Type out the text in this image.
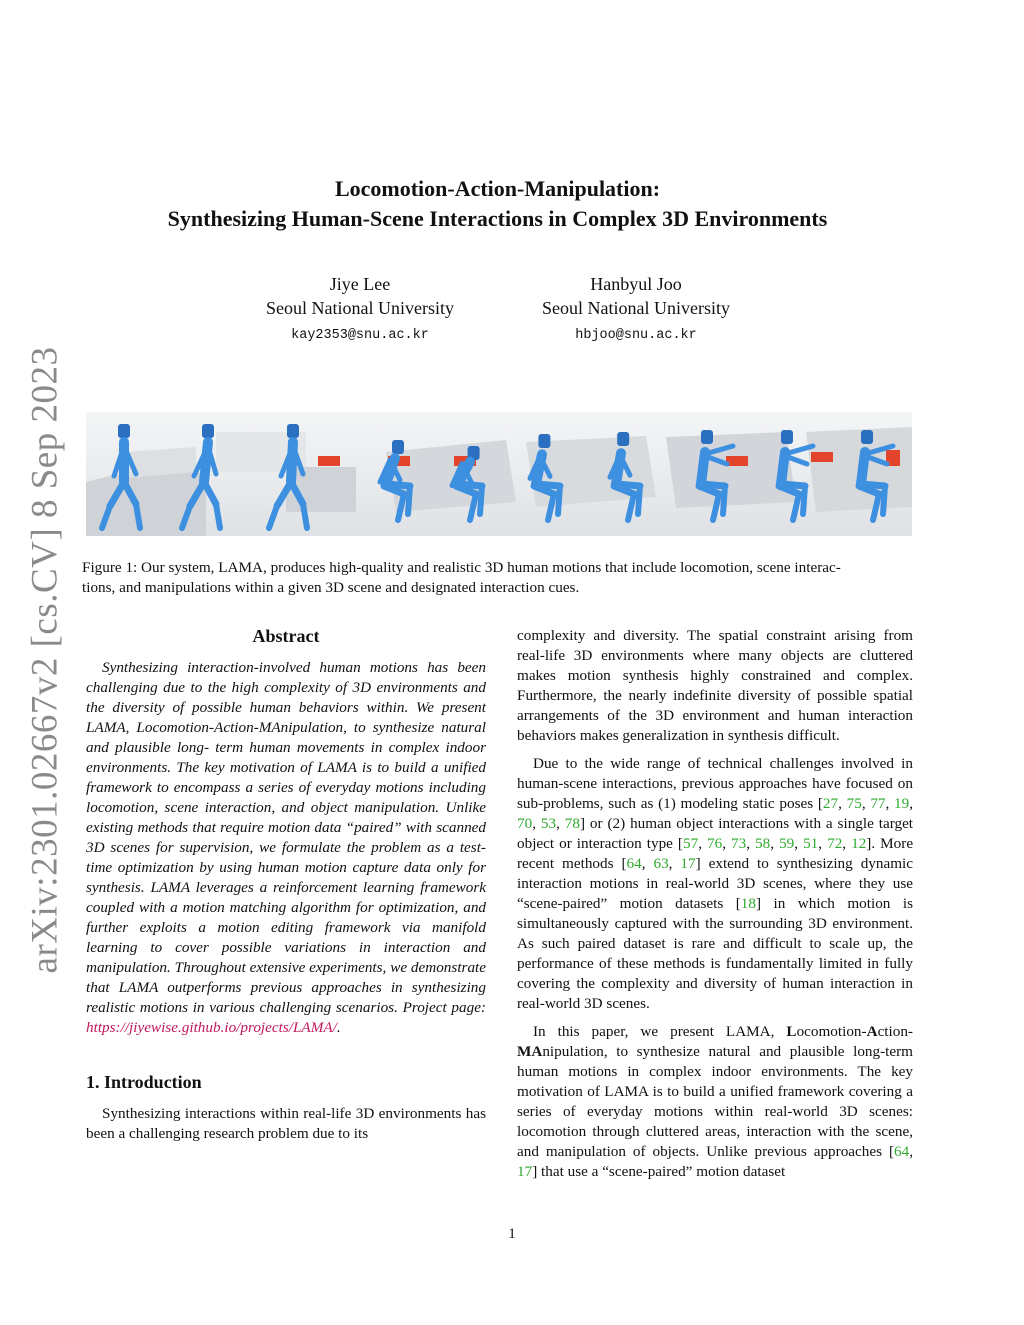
arXiv:2301.02667v2 [cs.CV] 8 Sep 2023
Locomotion-Action-Manipulation:
Synthesizing Human-Scene Interactions in Complex 3D Environments
Jiye Lee
Seoul National University
kay2353@snu.ac.kr
Hanbyul Joo
Seoul National University
hbjoo@snu.ac.kr
Figure 1: Our system, LAMA, produces high-quality and realistic 3D human motions that include locomotion, scene interac-
tions, and manipulations within a given 3D scene and designated interaction cues.
Abstract

Synthesizing interaction-involved human motions has been challenging due to the high complexity of 3D environments and the diversity of possible human behaviors within. We present LAMA, Locomotion-Action-MAnipulation, to synthesize natural and plausible long- term human movements in complex indoor environments. The key motivation of LAMA is to build a unified framework to encompass a series of everyday motions including locomotion, scene interaction, and object manipulation. Unlike existing methods that require motion data “paired” with scanned 3D scenes for supervision, we formulate the problem as a test-time optimization by using human motion capture data only for synthesis. LAMA leverages a reinforcement learning framework coupled with a motion matching algorithm for optimization, and further exploits a motion editing framework via manifold learning to cover possible variations in interaction and manipulation. Throughout extensive experiments, we demonstrate that LAMA outperforms previous approaches in synthesizing realistic motions in various challenging scenarios. Project page: https://jiyewise.github.io/projects/LAMA/.

1. Introduction

Synthesizing interactions within real-life 3D environments has been a challenging research problem due to its

complexity and diversity. The spatial constraint arising from real-life 3D environments where many objects are cluttered makes motion synthesis highly constrained and complex. Furthermore, the nearly indefinite diversity of possible spatial arrangements of the 3D environment and human interaction behaviors makes generalization in synthesis difficult.

Due to the wide range of technical challenges involved in human-scene interactions, previous approaches have focused on sub-problems, such as (1) modeling static poses [27, 75, 77, 19, 70, 53, 78] or (2) human object interactions with a single target object or interaction type [57, 76, 73, 58, 59, 51, 72, 12]. More recent methods [64, 63, 17] extend to synthesizing dynamic interaction motions in real-world 3D scenes, where they use “scene-paired” motion datasets [18] in which motion is simultaneously captured with the surrounding 3D environment. As such paired dataset is rare and difficult to scale up, the performance of these methods is fundamentally limited in fully covering the complexity and diversity of human interaction in real-world 3D scenes.

In this paper, we present LAMA, Locomotion-Action-MAnipulation, to synthesize natural and plausible long-term human motions in complex indoor environments. The key motivation of LAMA is to build a unified framework covering a series of everyday motions within real-world 3D scenes: locomotion through cluttered areas, interaction with the scene, and manipulation of objects. Unlike previous approaches [64, 17] that use a “scene-paired” motion dataset

1
